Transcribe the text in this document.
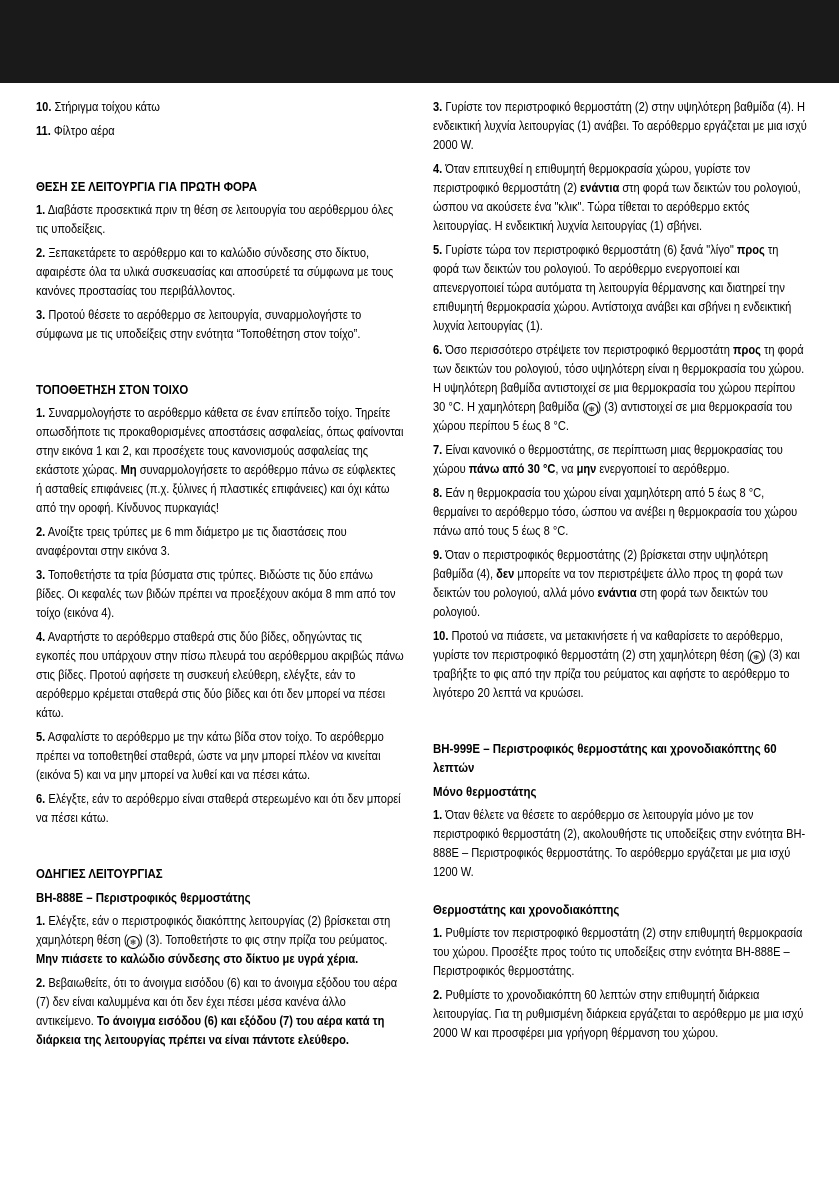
10. Στήριγμα τοίχου κάτω

11. Φίλτρο αέρα

ΘΕΣΗ ΣΕ ΛΕΙΤΟΥΡΓΙΑ ΓΙΑ ΠΡΩΤΗ ΦΟΡΑ

1. Διαβάστε προσεκτικά πριν τη θέση σε λειτουργία του αερόθερμου όλες τις υποδείξεις.

2. Ξεπακετάρετε το αερόθερμο και το καλώδιο σύνδεσης στο δίκτυο, αφαιρέστε όλα τα υλικά συσκευασίας και αποσύρετέ τα σύμφωνα με τους κανόνες προστασίας του περιβάλλοντος.

3. Προτού θέσετε το αερόθερμο σε λειτουργία, συναρμολογήστε το σύμφωνα με τις υποδείξεις στην ενότητα “Τοποθέτηση στον τοίχο”.

ΤΟΠΟΘΕΤΗΣΗ ΣΤΟΝ ΤΟΙΧΟ

1. Συναρμολογήστε το αερόθερμο κάθετα σε έναν επίπεδο τοίχο. Τηρείτε οπωσδήποτε τις προκαθορισμένες αποστάσεις ασφαλείας, όπως φαίνονται στην εικόνα 1 και 2, και προσέχετε τους κανονισμούς ασφαλείας της εκάστοτε χώρας. Μη συναρμολογήσετε το αερόθερμο πάνω σε εύφλεκτες ή ασταθείς επιφάνειες (π.χ. ξύλινες ή πλαστικές επιφάνειες) και όχι κάτω από την οροφή. Κίνδυνος πυρκαγιάς!

2. Ανοίξτε τρεις τρύπες με 6 mm διάμετρο με τις διαστάσεις που αναφέρονται στην εικόνα 3.

3. Τοποθετήστε τα τρία βύσματα στις τρύπες. Βιδώστε τις δύο επάνω βίδες. Οι κεφαλές των βιδών πρέπει να προεξέχουν ακόμα 8 mm από τον τοίχο (εικόνα 4).

4. Αναρτήστε το αερόθερμο σταθερά στις δύο βίδες, οδηγώντας τις εγκοπές που υπάρχουν στην πίσω πλευρά του αερόθερμου ακριβώς πάνω στις βίδες. Προτού αφήσετε τη συσκευή ελεύθερη, ελέγξτε, εάν το αερόθερμο κρέμεται σταθερά στις δύο βίδες και ότι δεν μπορεί να πέσει κάτω.

5. Ασφαλίστε το αερόθερμο με την κάτω βίδα στον τοίχο. Το αερόθερμο πρέπει να τοποθετηθεί σταθερά, ώστε να μην μπορεί πλέον να κινείται (εικόνα 5) και να μην μπορεί να λυθεί και να πέσει κάτω.

6. Ελέγξτε, εάν το αερόθερμο είναι σταθερά στερεωμένο και ότι δεν μπορεί να πέσει κάτω.

ΟΔΗΓΙΕΣ ΛΕΙΤΟΥΡΓΙΑΣ
BH-888E – Περιστροφικός θερμοστάτης

1. Ελέγξτε, εάν ο περιστροφικός διακόπτης λειτουργίας (2) βρίσκεται στη χαμηλότερη θέση ( ❄ ) (3). Τοποθετήστε το φις στην πρίζα του ρεύματος. Μην πιάσετε το καλώδιο σύνδεσης στο δίκτυο με υγρά χέρια.

2. Βεβαιωθείτε, ότι το άνοιγμα εισόδου (6) και το άνοιγμα εξόδου του αέρα (7) δεν είναι καλυμμένα και ότι δεν έχει πέσει μέσα κανένα άλλο αντικείμενο. Το άνοιγμα εισόδου (6) και εξόδου (7) του αέρα κατά τη διάρκεια της λειτουργίας πρέπει να είναι πάντοτε ελεύθερο.

3. Γυρίστε τον περιστροφικό θερμοστάτη (2) στην υψηλότερη βαθμίδα (4). Η ενδεικτική λυχνία λειτουργίας (1) ανάβει. Το αερόθερμο εργάζεται με μια ισχύ 2000 W.

4. Όταν επιτευχθεί η επιθυμητή θερμοκρασία χώρου, γυρίστε τον περιστροφικό θερμοστάτη (2) ενάντια στη φορά των δεικτών του ρολογιού, ώσπου να ακούσετε ένα "κλικ". Τώρα τίθεται το αερόθερμο εκτός λειτουργίας. Η ενδεικτική λυχνία λειτουργίας (1) σβήνει.

5. Γυρίστε τώρα τον περιστροφικό θερμοστάτη (6) ξανά "λίγο" προς τη φορά των δεικτών του ρολογιού. Το αερόθερμο ενεργοποιεί και απενεργοποιεί τώρα αυτόματα τη λειτουργία θέρμανσης και διατηρεί την επιθυμητή θερμοκρασία χώρου. Αντίστοιχα ανάβει και σβήνει η ενδεικτική λυχνία λειτουργίας (1).

6. Όσο περισσότερο στρέψετε τον περιστροφικό θερμοστάτη προς τη φορά των δεικτών του ρολογιού, τόσο υψηλότερη είναι η θερμοκρασία του χώρου. Η υψηλότερη βαθμίδα αντιστοιχεί σε μια θερμοκρασία του χώρου περίπου 30 °C. Η χαμηλότερη βαθμίδα ( ❄ ) (3) αντιστοιχεί σε μια θερμοκρασία του χώρου περίπου 5 έως 8 °C.

7. Είναι κανονικό ο θερμοστάτης, σε περίπτωση μιας θερμοκρασίας του χώρου πάνω από 30 °C, να μην ενεργοποιεί το αερόθερμο.

8. Εάν η θερμοκρασία του χώρου είναι χαμηλότερη από 5 έως 8 °C, θερμαίνει το αερόθερμο τόσο, ώσπου να ανέβει η θερμοκρασία του χώρου πάνω από τους 5 έως 8 °C.

9. Όταν ο περιστροφικός θερμοστάτης (2) βρίσκεται στην υψηλότερη βαθμίδα (4), δεν μπορείτε να τον περιστρέψετε άλλο προς τη φορά των δεικτών του ρολογιού, αλλά μόνο ενάντια στη φορά των δεικτών του ρολογιού.

10. Προτού να πιάσετε, να μετακινήσετε ή να καθαρίσετε το αερόθερμο, γυρίστε τον περιστροφικό θερμοστάτη (2) στη χαμηλότερη θέση ( ❄ ) (3) και τραβήξτε το φις από την πρίζα του ρεύματος και αφήστε το αερόθερμο το λιγότερο 20 λεπτά να κρυώσει.

BH-999E – Περιστροφικός θερμοστάτης και χρονοδιακόπτης 60 λεπτών
Μόνο θερμοστάτης

1. Όταν θέλετε να θέσετε το αερόθερμο σε λειτουργία μόνο με τον περιστροφικό θερμοστάτη (2), ακολουθήστε τις υποδείξεις στην ενότητα BH-888E – Περιστροφικός θερμοστάτης. Το αερόθερμο εργάζεται με μια ισχύ 1200 W.

Θερμοστάτης και χρονοδιακόπτης

1. Ρυθμίστε τον περιστροφικό θερμοστάτη (2) στην επιθυμητή θερμοκρασία του χώρου. Προσέξτε προς τούτο τις υποδείξεις στην ενότητα BH-888E – Περιστροφικός θερμοστάτης.

2. Ρυθμίστε το χρονοδιακόπτη 60 λεπτών στην επιθυμητή διάρκεια λειτουργίας. Για τη ρυθμισμένη διάρκεια εργάζεται το αερόθερμο με μια ισχύ 2000 W και προσφέρει μια γρήγορη θέρμανση του χώρου.
